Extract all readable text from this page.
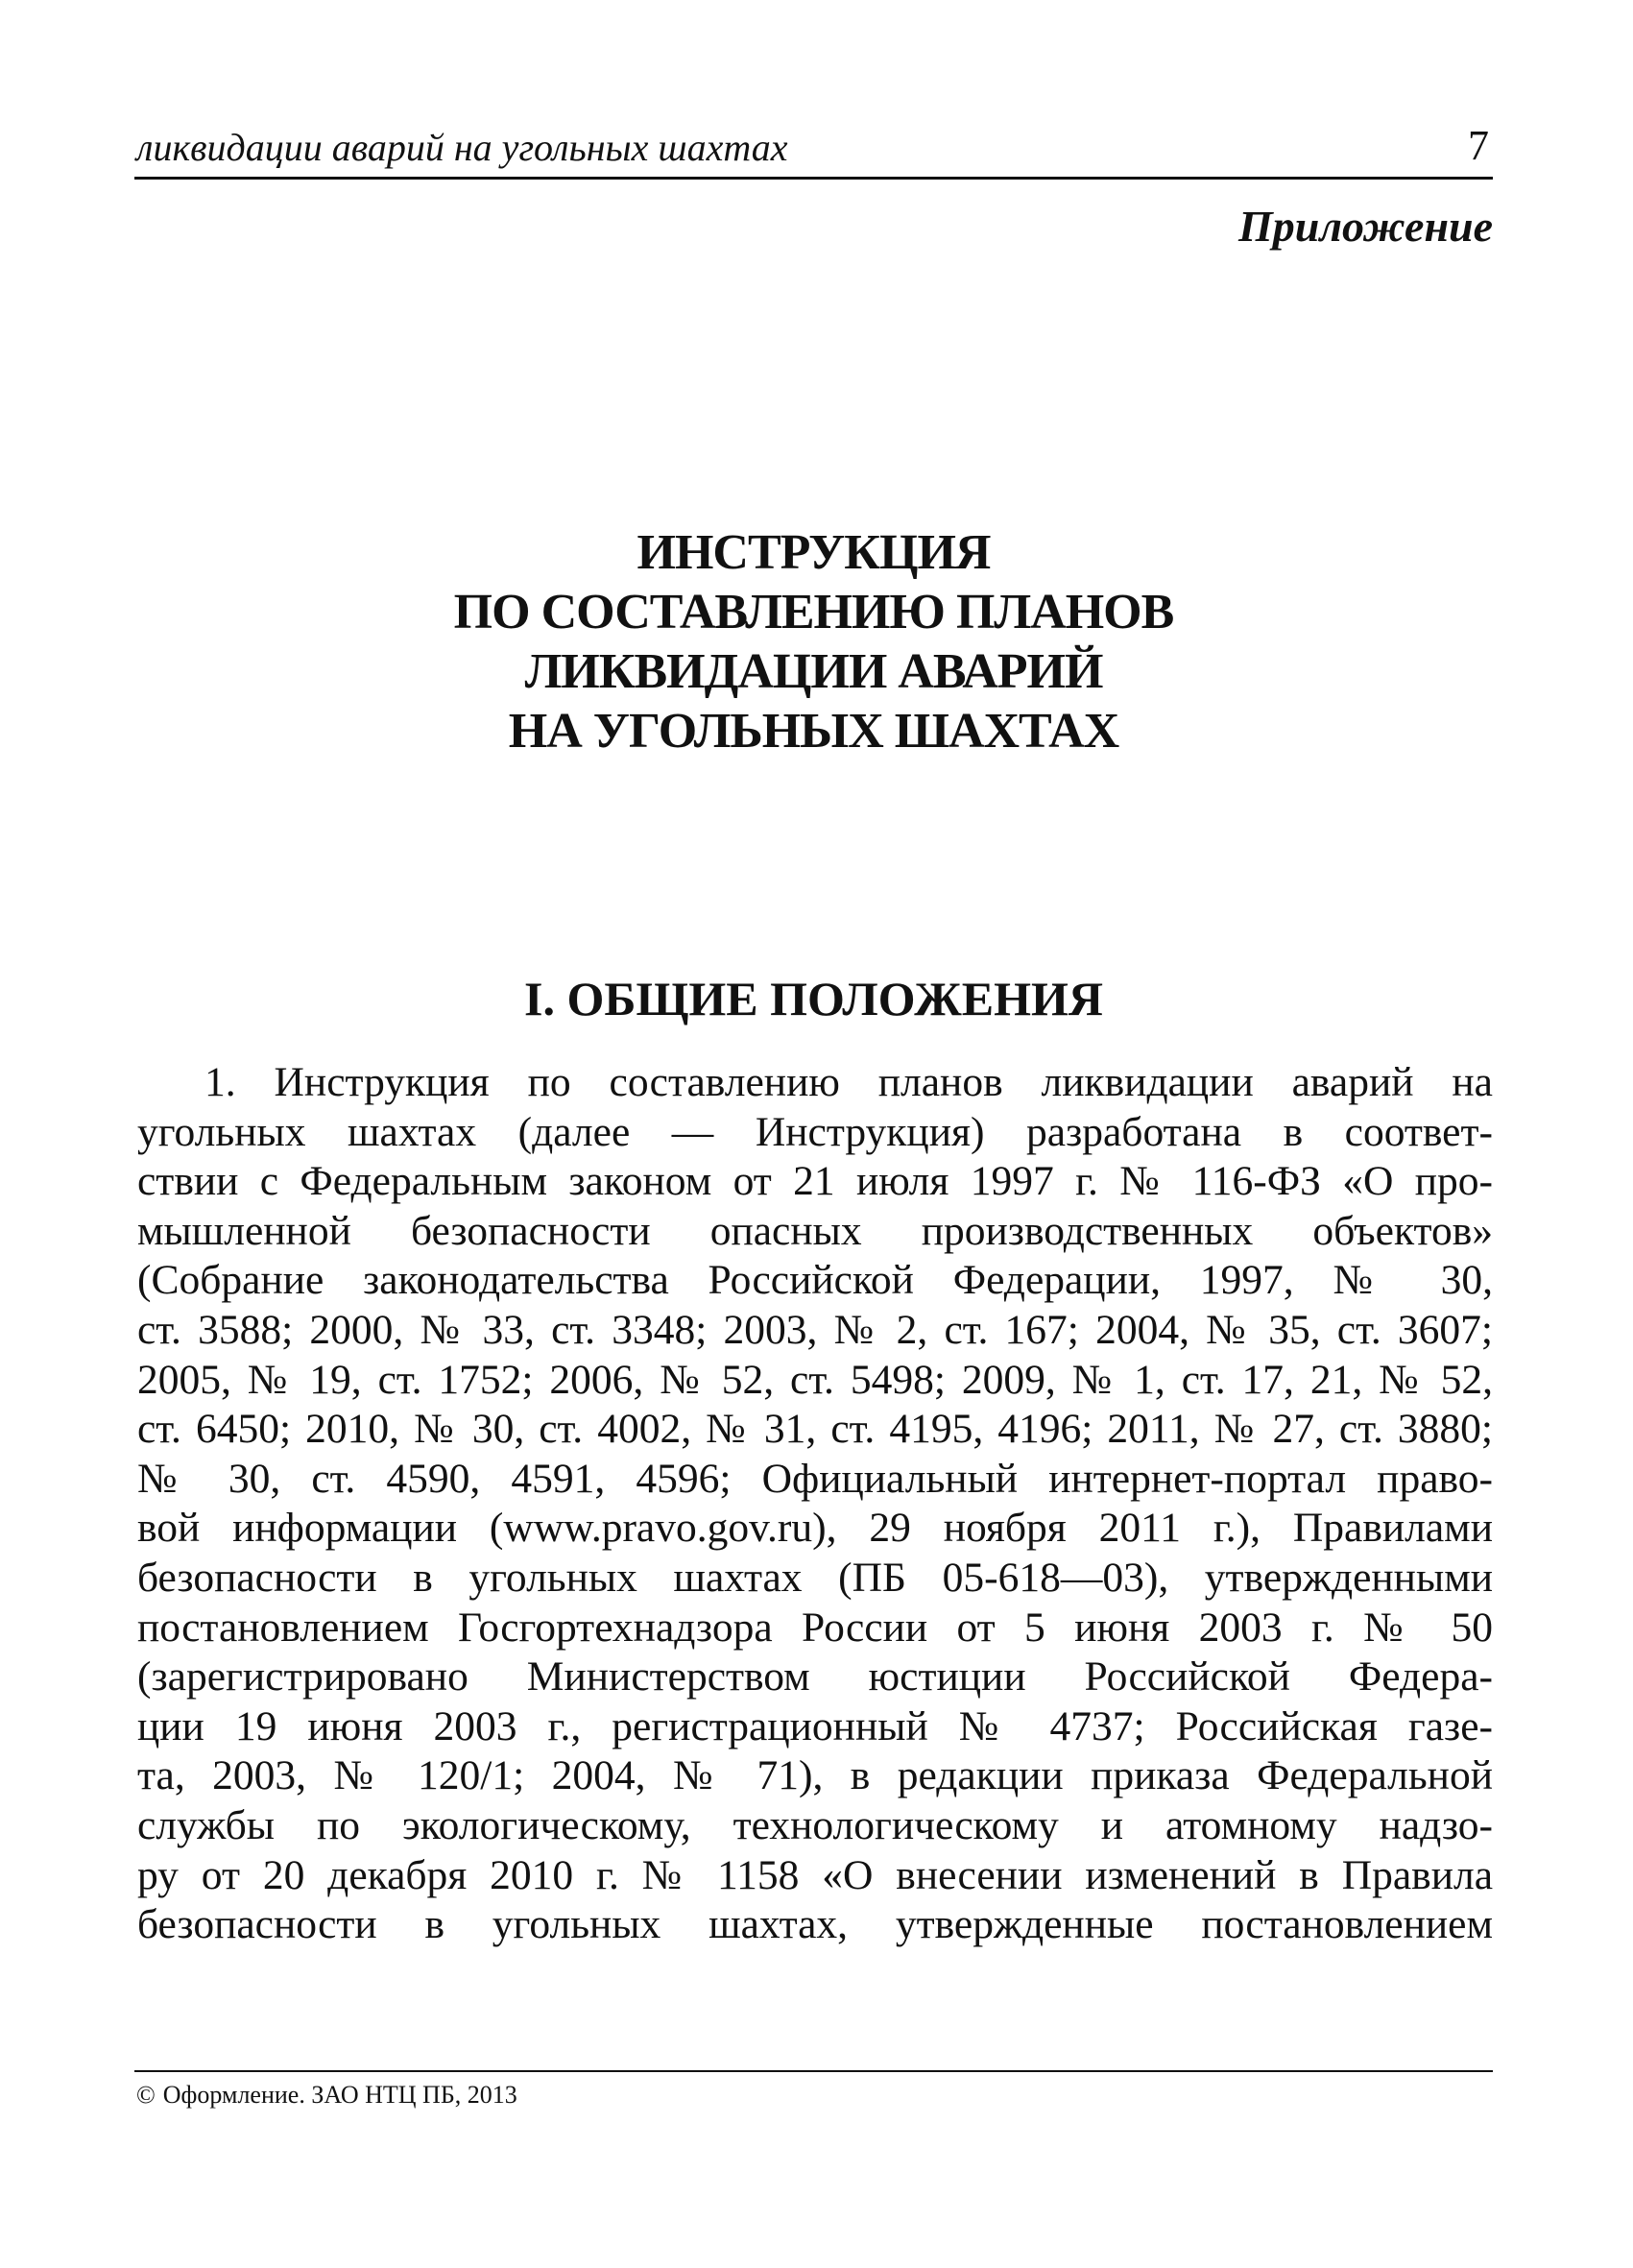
ликвидации аварий на угольных шахтах	7
Приложение
ИНСТРУКЦИЯ
ПО СОСТАВЛЕНИЮ ПЛАНОВ
ЛИКВИДАЦИИ АВАРИЙ
НА УГОЛЬНЫХ ШАХТАХ
I. ОБЩИЕ ПОЛОЖЕНИЯ
1. Инструкция по составлению планов ликвидации аварий на
угольных шахтах (далее — Инструкция) разработана в соответ-
ствии с Федеральным законом от 21 июля 1997 г. № 116-ФЗ «О про-
мышленной безопасности опасных производственных объектов»
(Собрание законодательства Российской Федерации, 1997, № 30,
ст. 3588; 2000, № 33, ст. 3348; 2003, № 2, ст. 167; 2004, № 35, ст. 3607;
2005, № 19, ст. 1752; 2006, № 52, ст. 5498; 2009, № 1, ст. 17, 21, № 52,
ст. 6450; 2010, № 30, ст. 4002, № 31, ст. 4195, 4196; 2011, № 27, ст. 3880;
№ 30, ст. 4590, 4591, 4596; Официальный интернет-портал право-
вой информации (www.pravo.gov.ru), 29 ноября 2011 г.), Правилами
безопасности в угольных шахтах (ПБ 05-618—03), утвержденными
постановлением Госгортехнадзора России от 5 июня 2003 г. № 50
(зарегистрировано Министерством юстиции Российской Федера-
ции 19 июня 2003 г., регистрационный № 4737; Российская газе-
та, 2003, № 120/1; 2004, № 71), в редакции приказа Федеральной
службы по экологическому, технологическому и атомному надзо-
ру от 20 декабря 2010 г. № 1158 «О внесении изменений в Правила
безопасности в угольных шахтах, утвержденные постановлением
© Оформление. ЗАО НТЦ ПБ, 2013
